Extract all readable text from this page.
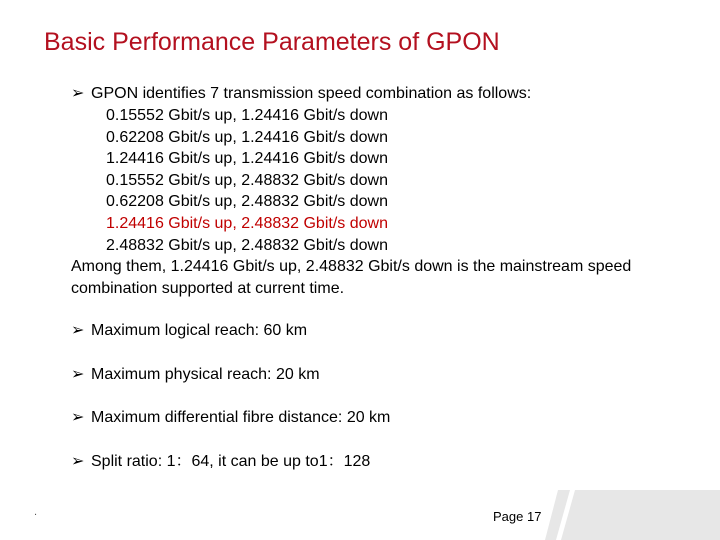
Basic Performance Parameters of GPON
➢ GPON identifies 7 transmission speed combination as follows:
0.15552 Gbit/s up, 1.24416 Gbit/s down
0.62208 Gbit/s up, 1.24416 Gbit/s down
1.24416 Gbit/s up, 1.24416 Gbit/s down
0.15552 Gbit/s up, 2.48832 Gbit/s down
0.62208 Gbit/s up, 2.48832 Gbit/s down
1.24416 Gbit/s up, 2.48832 Gbit/s down
2.48832 Gbit/s up, 2.48832 Gbit/s down

Among them, 1.24416 Gbit/s up, 2.48832 Gbit/s down is the mainstream speed combination supported at current time.

➢ Maximum logical reach: 60 km
➢ Maximum physical reach: 20 km
➢ Maximum differential fibre distance: 20 km
➢ Split ratio: 1：64, it can be up to1：128
.	Page 17
